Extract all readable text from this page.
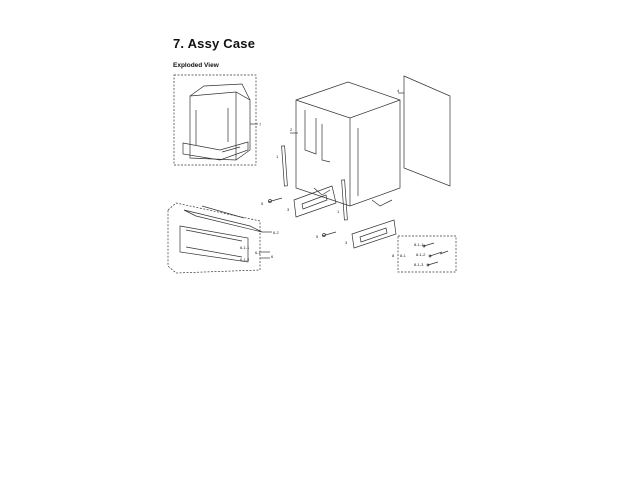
7. Assy Case
Exploded View
7
2
4
1
1
3
3
5
5
6-2
6-1
6-1-1
6-1-2
6	8 8-1
8-1-1
8-1-2
8-1-3
